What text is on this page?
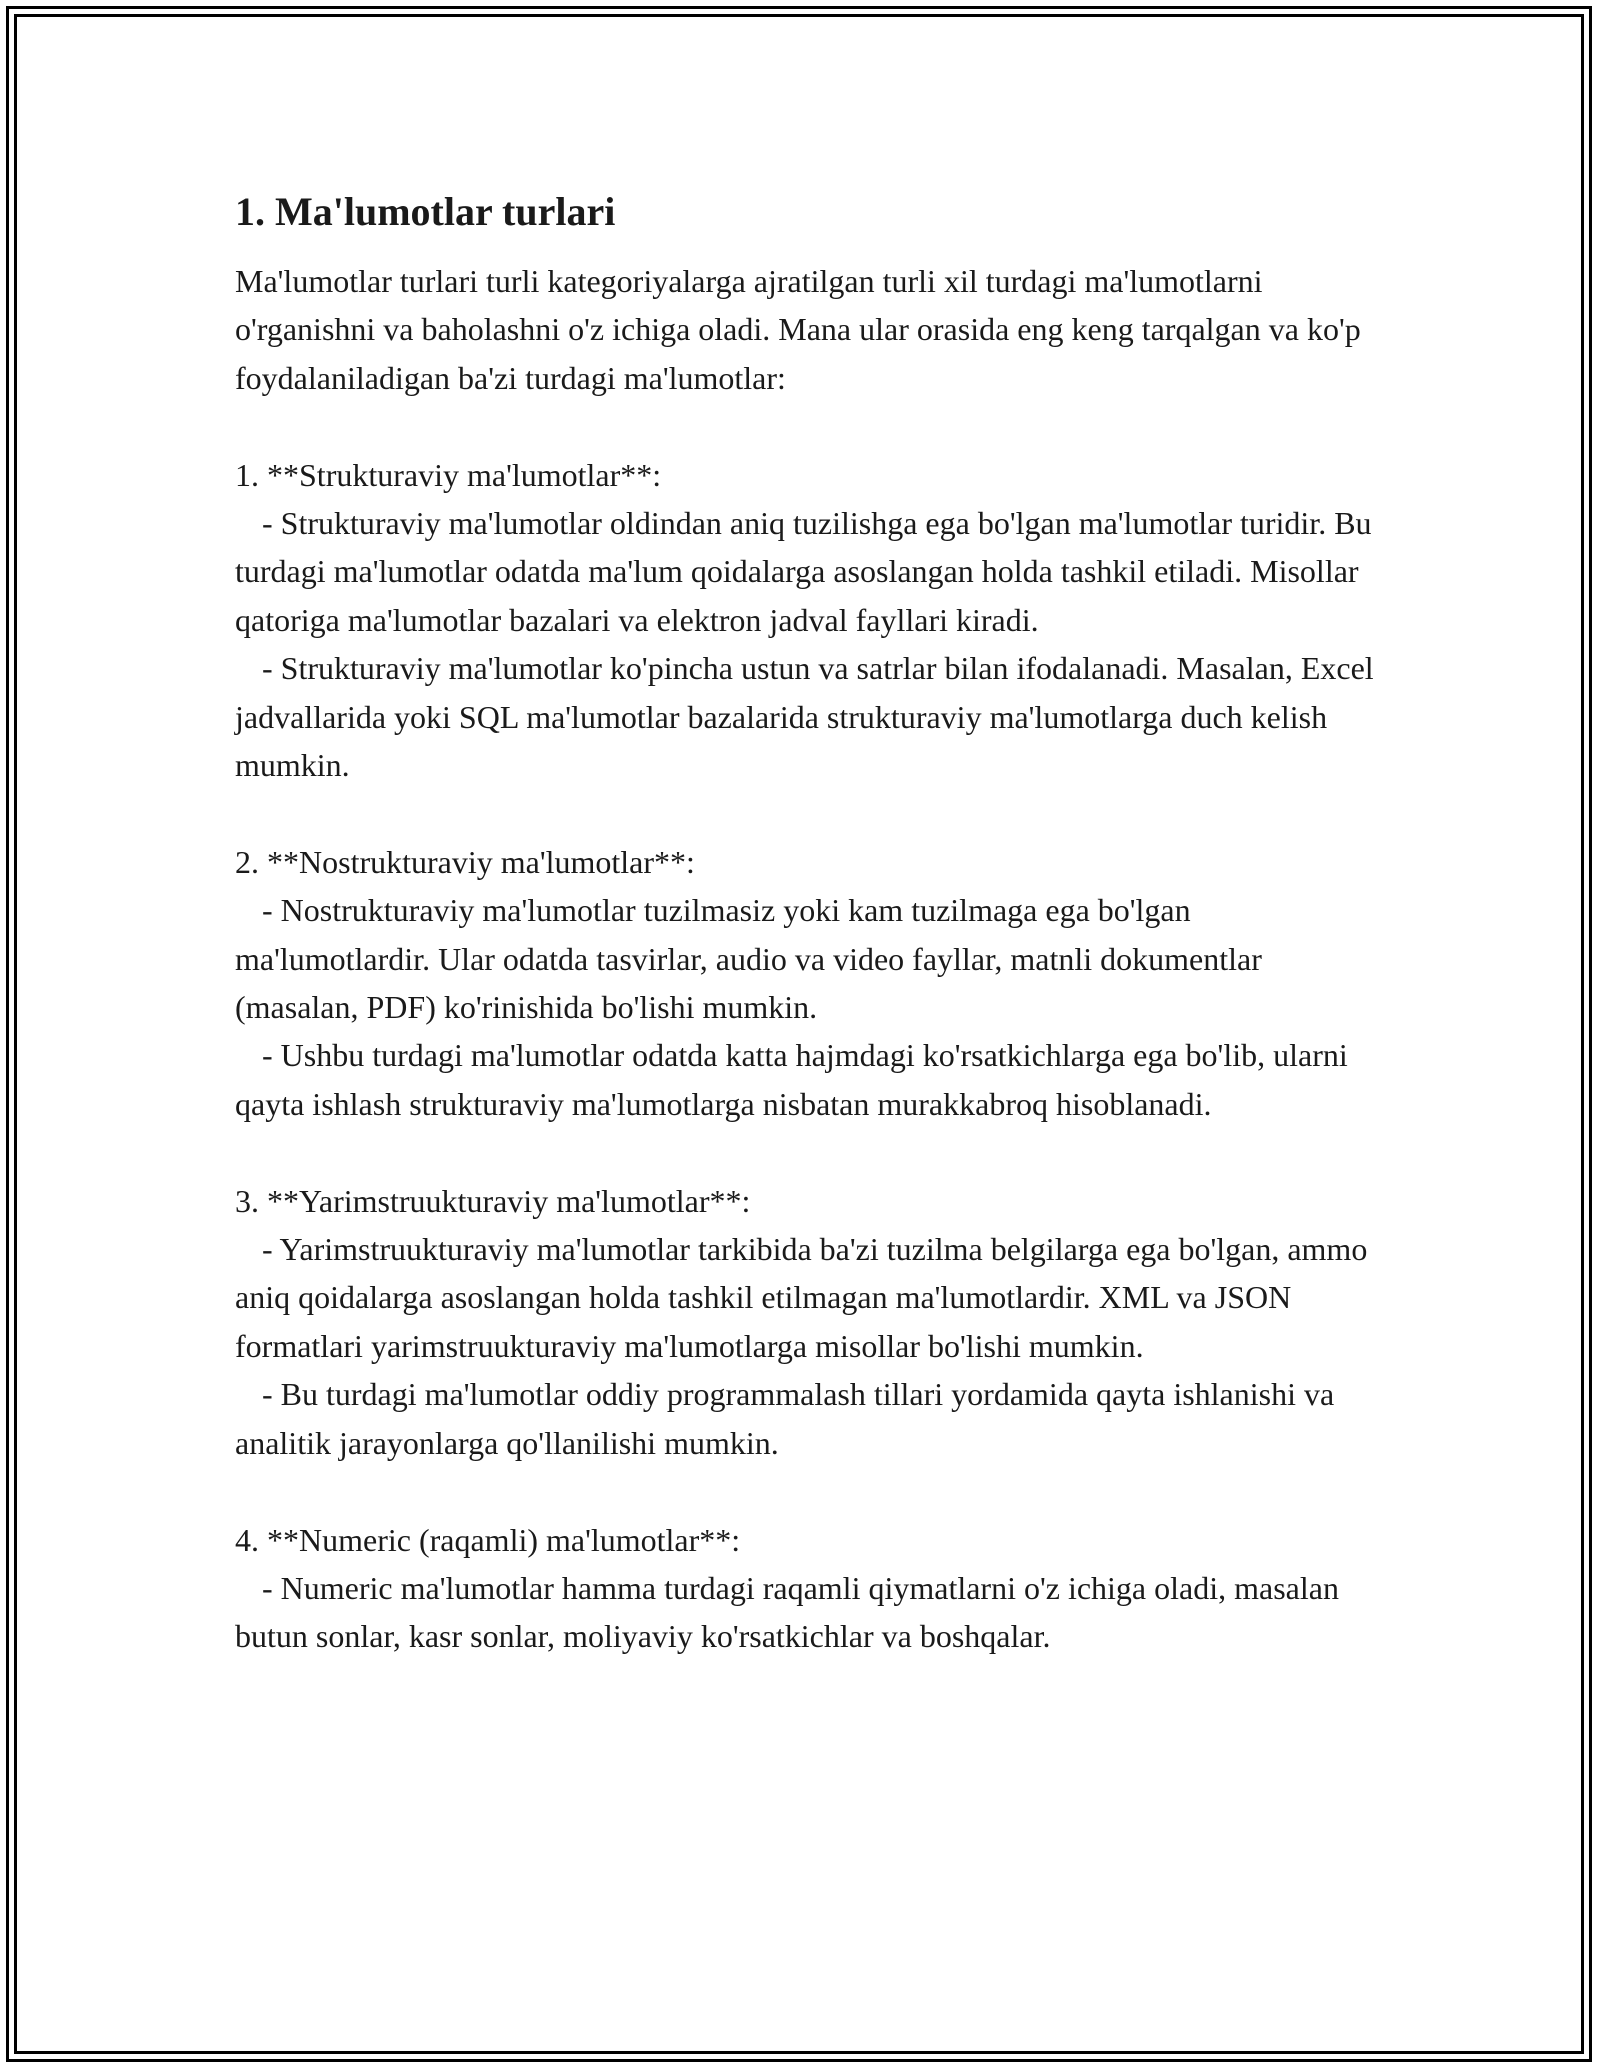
1. Ma'lumotlar turlari

Ma'lumotlar turlari turli kategoriyalarga ajratilgan turli xil turdagi ma'lumotlarni o'rganishni va baholashni o'z ichiga oladi. Mana ular orasida eng keng tarqalgan va ko'p foydalaniladigan ba'zi turdagi ma'lumotlar:

1. **Strukturaviy ma'lumotlar**:

- Strukturaviy ma'lumotlar oldindan aniq tuzilishga ega bo'lgan ma'lumotlar turidir. Bu turdagi ma'lumotlar odatda ma'lum qoidalarga asoslangan holda tashkil etiladi. Misollar qatoriga ma'lumotlar bazalari va elektron jadval fayllari kiradi.

- Strukturaviy ma'lumotlar ko'pincha ustun va satrlar bilan ifodalanadi. Masalan, Excel jadvallarida yoki SQL ma'lumotlar bazalarida strukturaviy ma'lumotlarga duch kelish mumkin.

2. **Nostrukturaviy ma'lumotlar**:

- Nostrukturaviy ma'lumotlar tuzilmasiz yoki kam tuzilmaga ega bo'lgan ma'lumotlardir. Ular odatda tasvirlar, audio va video fayllar, matnli dokumentlar (masalan, PDF) ko'rinishida bo'lishi mumkin.

- Ushbu turdagi ma'lumotlar odatda katta hajmdagi ko'rsatkichlarga ega bo'lib, ularni qayta ishlash strukturaviy ma'lumotlarga nisbatan murakkabroq hisoblanadi.

3. **Yarimstruukturaviy ma'lumotlar**:

- Yarimstruukturaviy ma'lumotlar tarkibida ba'zi tuzilma belgilarga ega bo'lgan, ammo aniq qoidalarga asoslangan holda tashkil etilmagan ma'lumotlardir. XML va JSON formatlari yarimstruukturaviy ma'lumotlarga misollar bo'lishi mumkin.

- Bu turdagi ma'lumotlar oddiy programmalash tillari yordamida qayta ishlanishi va analitik jarayonlarga qo'llanilishi mumkin.

4. **Numeric (raqamli) ma'lumotlar**:

- Numeric ma'lumotlar hamma turdagi raqamli qiymatlarni o'z ichiga oladi, masalan butun sonlar, kasr sonlar, moliyaviy ko'rsatkichlar va boshqalar.
